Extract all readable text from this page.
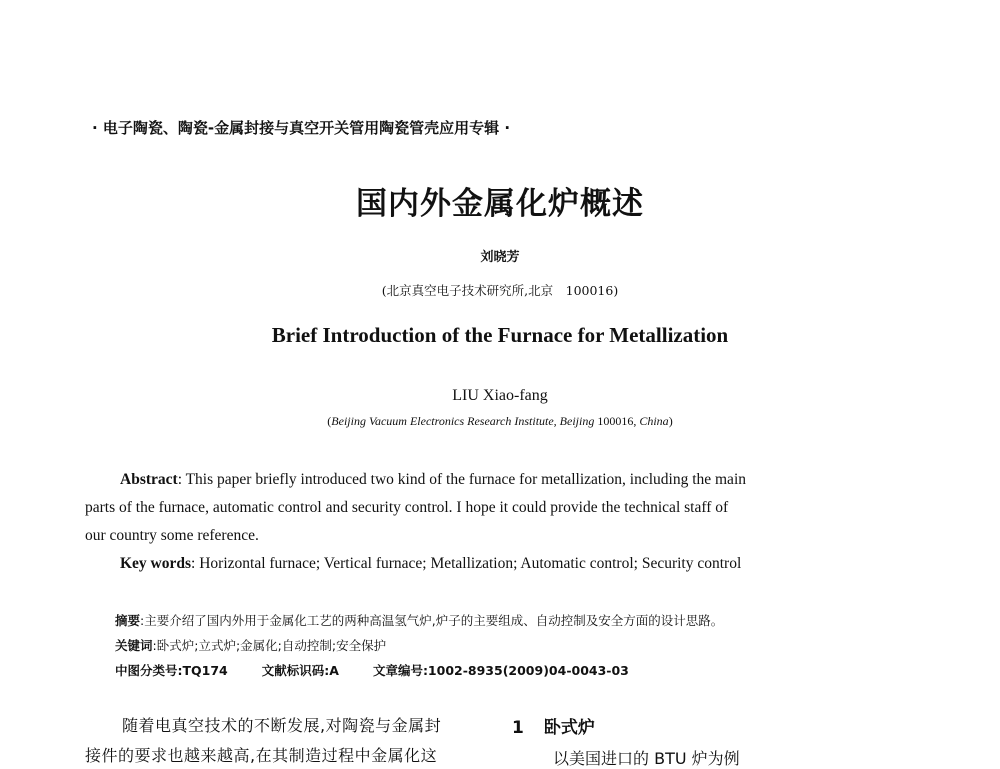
· 电子陶瓷、陶瓷-金属封接与真空开关管用陶瓷管壳应用专辑 ·
国内外金属化炉概述
刘晓芳
(北京真空电子技术研究所,北京　100016)
Brief Introduction of the Furnace for Metallization
LIU Xiao-fang
(Beijing Vacuum Electronics Research Institute, Beijing 100016, China)
Abstract: This paper briefly introduced two kind of the furnace for metallization, including the main
parts of the furnace, automatic control and security control. I hope it could provide the technical staff of
our country some reference.
Key words: Horizontal furnace; Vertical furnace; Metallization; Automatic control; Security control
摘要:主要介绍了国内外用于金属化工艺的两种高温氢气炉,炉子的主要组成、自动控制及安全方面的设计思路。
关键词:卧式炉;立式炉;金属化;自动控制;安全保护
中图分类号:TQ174	文献标识码:A	文章编号:1002-8935(2009)04-0043-03
随着电真空技术的不断发展,对陶瓷与金属封
接件的要求也越来越高,在其制造过程中金属化这
1 卧式炉
以美国进口的 BTU 炉为例
